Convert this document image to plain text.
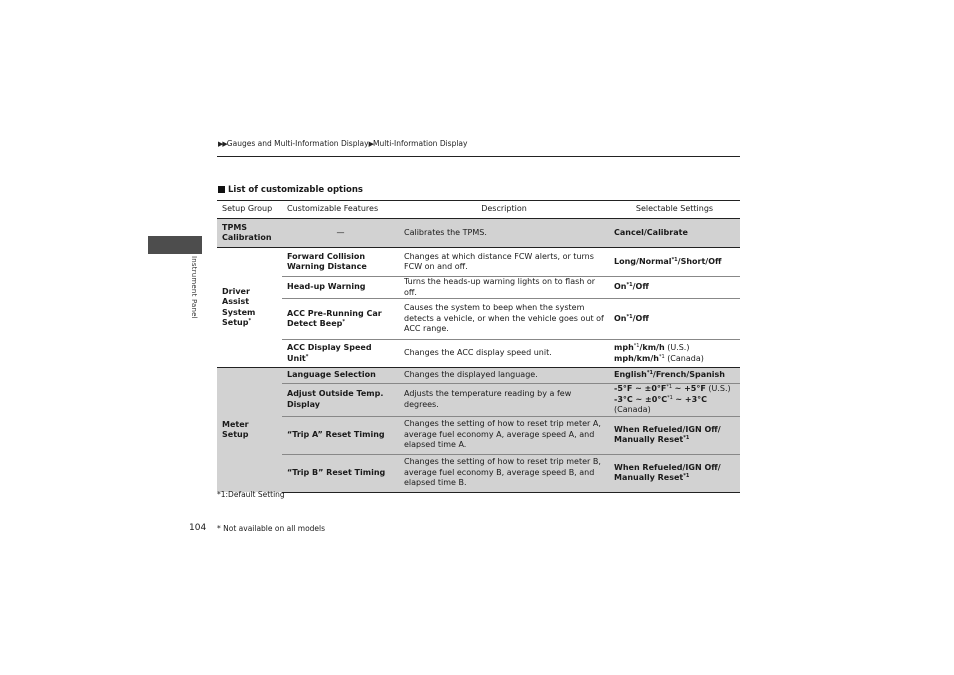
▶▶Gauges and Multi-Information Display▶Multi-Information Display
Instrument Panel
List of customizable options
Setup Group	Customizable Features	Description	Selectable Settings
TPMS Calibration	—	Calibrates the TPMS.	Cancel/Calibrate
Driver Assist System Setup*	Forward Collision Warning Distance	Changes at which distance FCW alerts, or turns FCW on and off.	Long/Normal$^{*1}$/Short/Off
	Head-up Warning	Turns the heads-up warning lights on to flash or off.	On$^{*1}$/Off
	ACC Pre-Running Car Detect Beep*	Causes the system to beep when the system detects a vehicle, or when the vehicle goes out of ACC range.	On$^{*1}$/Off
	ACC Display Speed Unit*	Changes the ACC display speed unit.	mph$^{*1}$/km/h (U.S.)
mph/$km/h^{*1}$ (Canada)

Meter Setup	Language Selection	Changes the displayed language.	English$^{*1}$/French/Spanish
	Adjust Outside Temp. Display	Adjusts the temperature reading by a few degrees.	-5°F ~ $\pm 0^\circ F^{*1}$ ~ +5°F (U.S.)
-3°C ~ $\pm 0^\circ C^{*1}$ ~ +3°C (Canada)

	“Trip A” Reset Timing	Changes the setting of how to reset trip meter A, average fuel economy A, average speed A, and elapsed time A.	When Refueled/IGN Off/
Manually Reset$^{*1}$

	“Trip B” Reset Timing	Changes the setting of how to reset trip meter B, average fuel economy B, average speed B, and elapsed time B.	When Refueled/IGN Off/
Manually Reset$^{*1}$
*1:Default Setting
104 * Not available on all models
